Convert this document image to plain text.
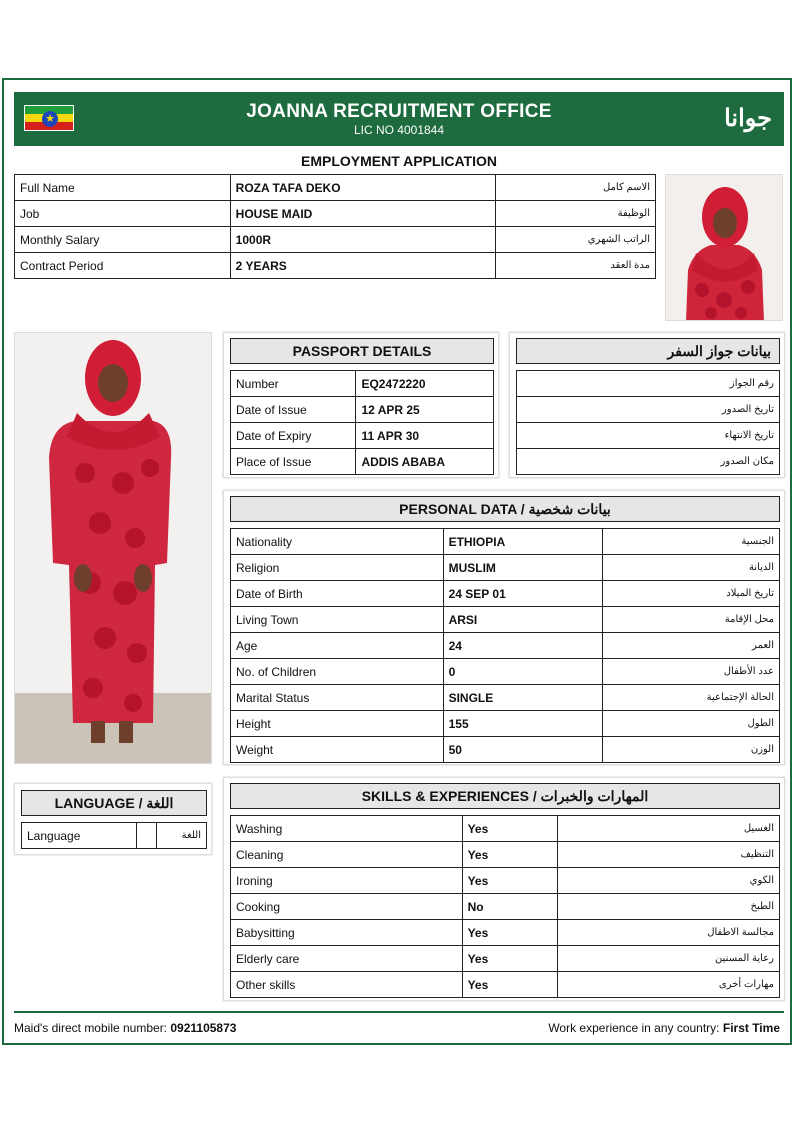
★	JOANNA RECRUITMENT OFFICE
LIC NO 4001844	جوانا
EMPLOYMENT APPLICATION
Full Name	ROZA TAFA DEKO	الاسم كامل
Job	HOUSE MAID	الوظيفة
Monthly Salary	1000R	الراتب الشهري
Contract Period	2 YEARS	مدة العقد
PASSPORT DETAILS
Number	EQ2472220
Date of Issue	12 APR 25
Date of Expiry	11 APR 30
Place of Issue	ADDIS ABABA
بيانات جواز السفر
رقم الجواز
تاريخ الصدور
تاريخ الانتهاء
مكان الصدور
PERSONAL DATA / بيانات شخصية
Nationality	ETHIOPIA	الجنسية
Religion	MUSLIM	الديانة
Date of Birth	24 SEP 01	تاريخ الميلاد
Living Town	ARSI	محل الإقامة
Age	24	العمر
No. of Children	0	عدد الأطفال
Marital Status	SINGLE	الحالة الإجتماعية
Height	155	الطول
Weight	50	الوزن
LANGUAGE / اللغة
Language		اللغة
SKILLS & EXPERIENCES / المهارات والخبرات
Washing	Yes	الغسيل
Cleaning	Yes	التنظيف
Ironing	Yes	الكوي
Cooking	No	الطبخ
Babysitting	Yes	مجالسة الاطفال
Elderly care	Yes	رعاية المسنين
Other skills	Yes	مهارات أخرى
Maid's direct mobile number: 0921105873	Work experience in any country: First Time
